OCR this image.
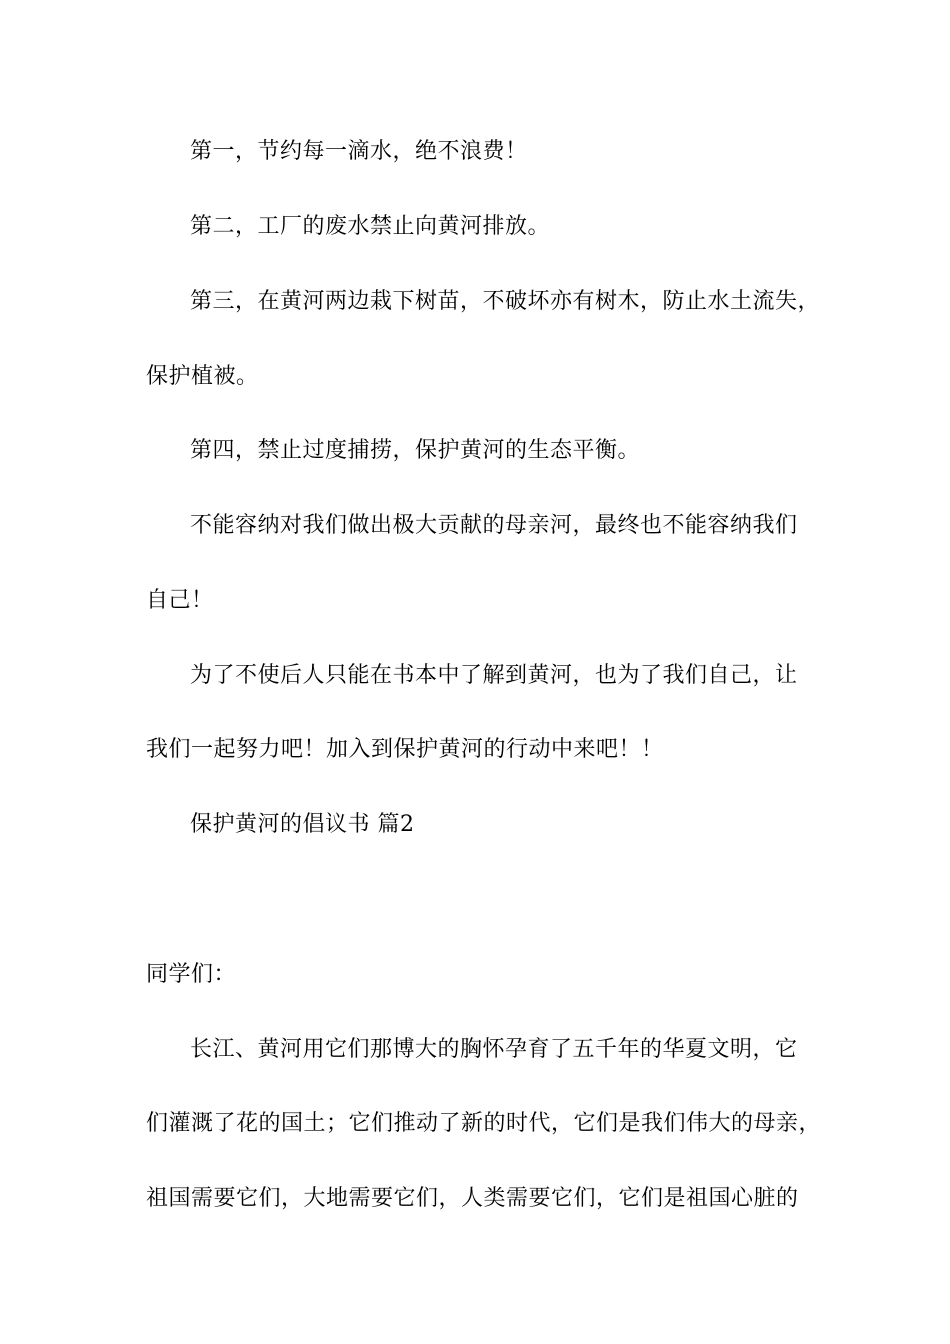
第一，节约每一滴水，绝不浪费！
第二，工厂的废水禁止向黄河排放。
第三，在黄河两边栽下树苗，不破坏亦有树木，防止水土流失，
保护植被。
第四，禁止过度捕捞，保护黄河的生态平衡。
不能容纳对我们做出极大贡献的母亲河，最终也不能容纳我们
自己！
为了不使后人只能在书本中了解到黄河，也为了我们自己，让
我们一起努力吧！加入到保护黄河的行动中来吧！！
保护黄河的倡议书 篇2
同学们：
长江、黄河用它们那博大的胸怀孕育了五千年的华夏文明，它
们灌溉了花的国土；它们推动了新的时代，它们是我们伟大的母亲，
祖国需要它们，大地需要它们，人类需要它们，它们是祖国心脏的
